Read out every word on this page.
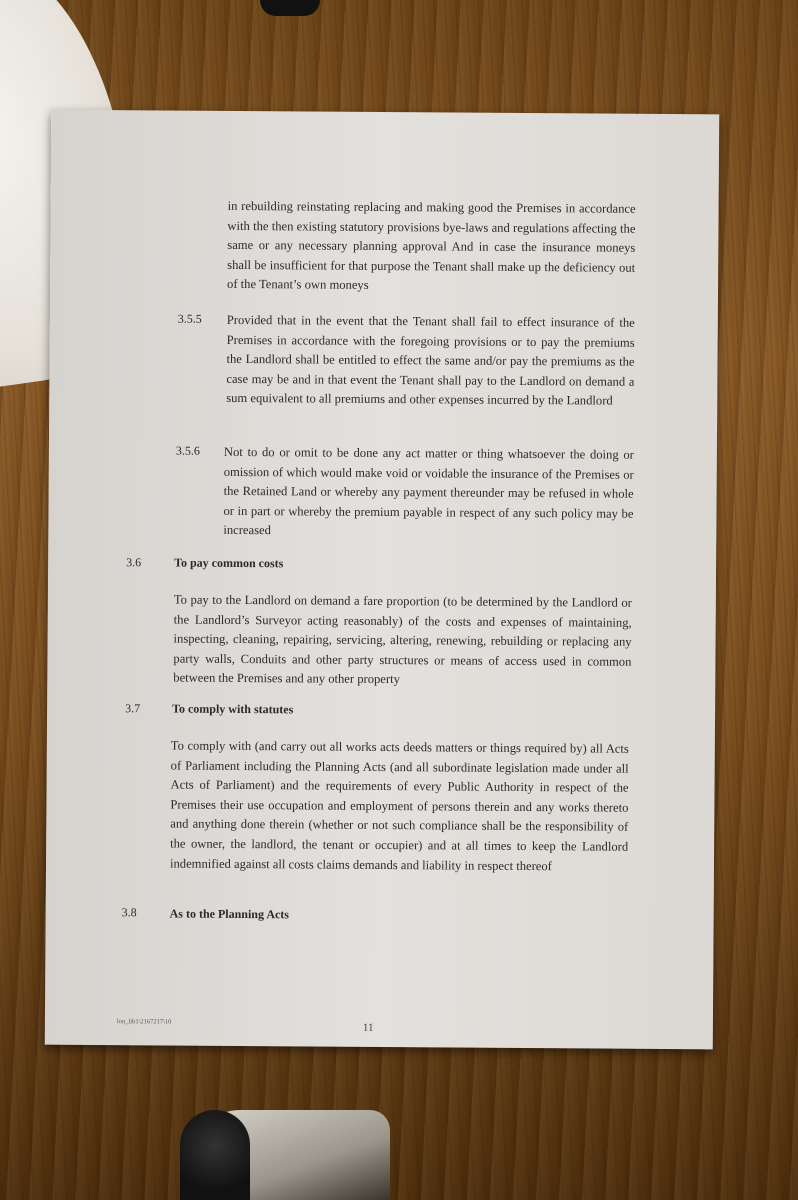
in rebuilding reinstating replacing and making good the Premises in accordance with the then existing statutory provisions bye-laws and regulations affecting the same or any necessary planning approval And in case the insurance moneys shall be insufficient for that purpose the Tenant shall make up the deficiency out of the Tenant’s own moneys
3.5.5 Provided that in the event that the Tenant shall fail to effect insurance of the Premises in accordance with the foregoing provisions or to pay the premiums the Landlord shall be entitled to effect the same and/or pay the premiums as the case may be and in that event the Tenant shall pay to the Landlord on demand a sum equivalent to all premiums and other expenses incurred by the Landlord
3.5.6 Not to do or omit to be done any act matter or thing whatsoever the doing or omission of which would make void or voidable the insurance of the Premises or the Retained Land or whereby any payment thereunder may be refused in whole or in part or whereby the premium payable in respect of any such policy may be increased
3.6	To pay common costs
To pay to the Landlord on demand a fare proportion (to be determined by the Landlord or the Landlord’s Surveyor acting reasonably) of the costs and expenses of maintaining, inspecting, cleaning, repairing, servicing, altering, renewing, rebuilding or replacing any party walls, Conduits and other party structures or means of access used in common between the Premises and any other property
3.7	To comply with statutes
To comply with (and carry out all works acts deeds matters or things required by) all Acts of Parliament including the Planning Acts (and all subordinate legislation made under all Acts of Parliament) and the requirements of every Public Authority in respect of the Premises their use occupation and employment of persons therein and any works thereto and anything done therein (whether or not such compliance shall be the responsibility of the owner, the landlord, the tenant or occupier) and at all times to keep the Landlord indemnified against all costs claims demands and liability in respect thereof
3.8	As to the Planning Acts
lon_lib1\2167217\10
11
